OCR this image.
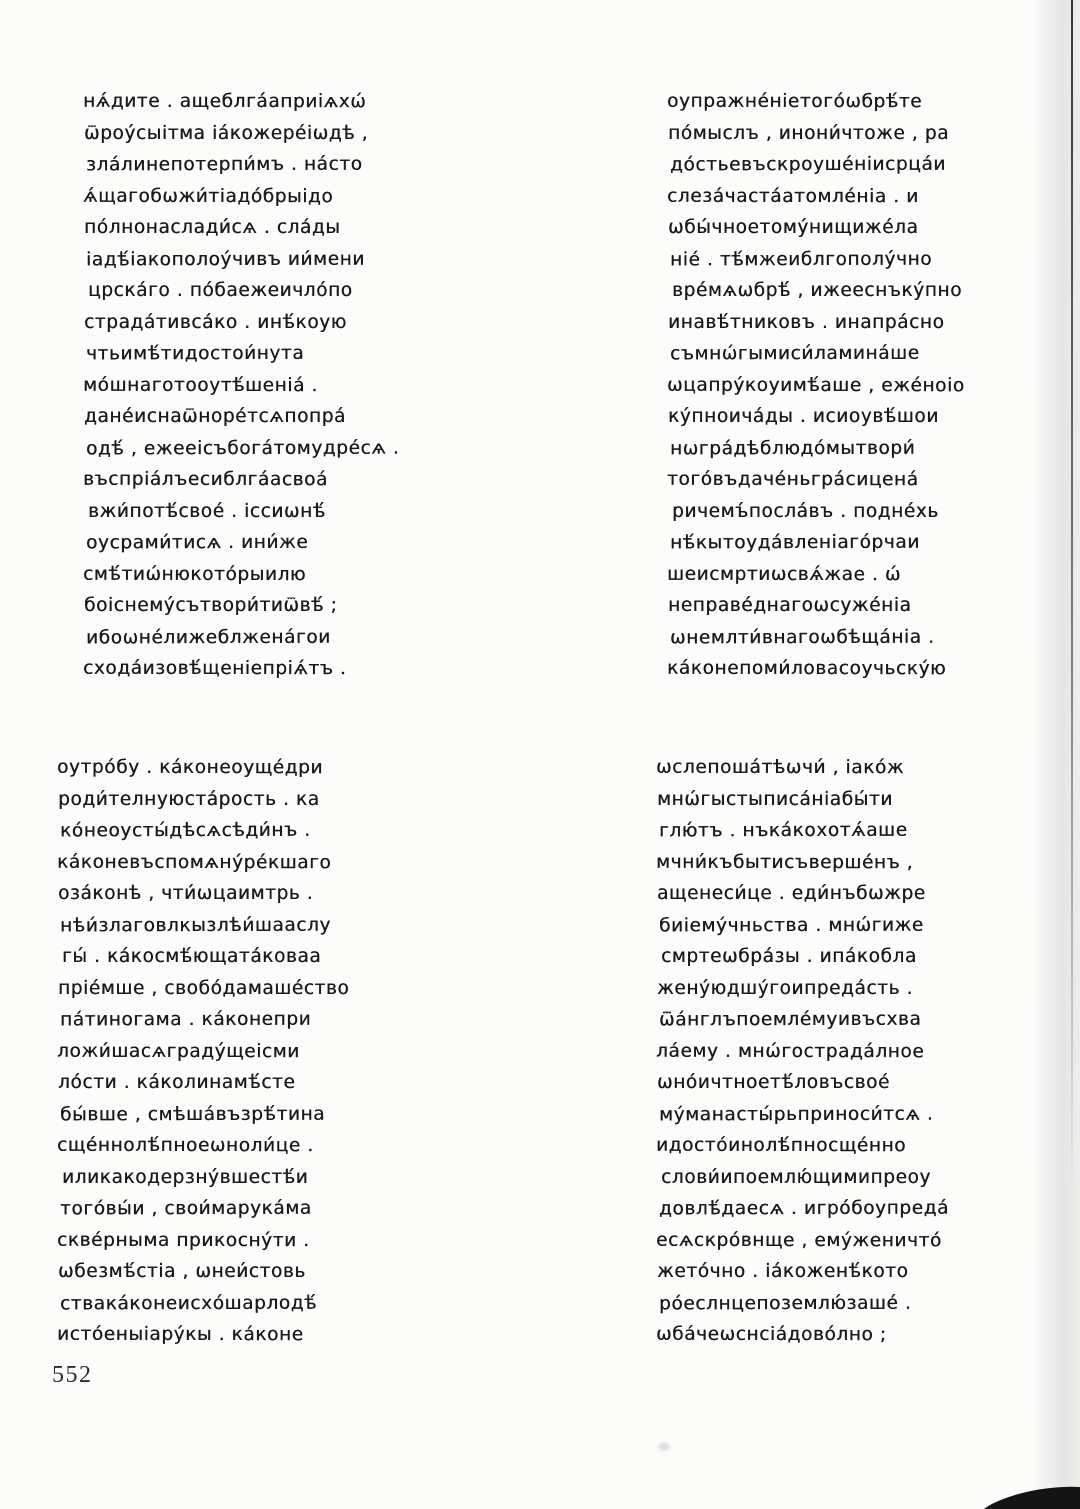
нѧ́дите . ащеблга́априіѧхѡ́
ѿроу́сыітма іа́кожере́іѡдѣ ,
зла́линепотерпи́мъ . на́сто
ѧ́щагобѡжи́тіадо́брыідо
по́лнонаслади́сѧ . сла́ды
іадѣ́іакополоу́чивъ ии́мени
црска́го . по́баежеичло́по
страда́тивса́ко . инѣ́коую
чтьимѣ́тидостои́нута
мо́шнаготооутѣ́шеніа́ .
дане́иснаѿноре́тсѧпопра́
одѣ́ , ежееісъбога́томудре́сѧ .
въспріа́лъесиблга́асвоа́
вжи́потѣ́свое́ . іссиѡнѣ́
оусрами́тисѧ . ини́же
смѣ́тиѡ́нюкото́рыилю
боіснему́сътвори́тиѿвѣ́ ;
ибоѡне́лижеблжена́гои
схода́изовѣ́щеніепріѧ́тъ .
оупражне́ніетого́ѡбрѣ́те
по́мыслъ , инони́чтоже , ра
до́стьевъскроуше́ніисрца́и
слеза́часта́атомле́ніа . и
ѡбы́чноетому́нищиже́ла
ніе́ . тѣ́мжеиблгополу́чно
вре́мѧѡбрѣ́ , ижееснъку́пно
инавѣ́тниковъ . инапра́сно
съмнѡ́гымиси́ламина́ше
ѡцапру́коуимѣ́аше , еже́ноіо
ку́пноича́ды . исиоувѣ́шои
нѡгра́дѣблюдо́мытвори́
того́въдаче́ньгра́сицена́
ричемъ́посла́въ . подне́хь
нѣ́кытоуда́вленіаго́рчаи
шеисмртиѡсвѧ́жае . ѡ́
неправе́днагоѡсуже́ніа
ѡнемлти́внагоѡбѣща́ніа .
ка́конепоми́ловасоучьску́ю
оутро́бу . ка́конеоуще́дри
роди́телнуюста́рость . ка
ко́неоусты́дѣсѧсѣди́нъ .
ка́коневъспомѧну́ре́кшаго
оза́конѣ , чти́ѡцаимтрь .
нѣи́злаговлкызлѣи́шааслу
гы́ . ка́космѣ́ющата́коваа
пріе́мше , свобо́дамаше́ство
па́тиногама . ка́конепри
ложи́шасѧграду́щеісми
ло́сти . ка́колинамѣ́сте
бы́вше , смѣша́възрѣ́тина
сще́ннолѣ́пноеѡноли́це .
иликакодерзну́вшестѣ́и
того́вы́и , свои́марука́ма
скве́рныма прикосну́ти .
ѡбезмѣ́стіа , ѡнеи́стовь
ствака́конеисхо́шарлодѣ́
исто́еныіару́кы . ка́коне
ѡслепоша́тѣѡчи́ , іако́ж
мнѡ́гыстыписа́ніабы́ти
глю́тъ . нъка́кохотѧ́аше
мчни́къбытисъверше́нъ ,
ащенеси́це . еди́нъбѡжре
биіему́чньства . мнѡ́гиже
смртеѡбра́зы . ипа́кобла
жену́юдшу́гоипреда́сть .
ѿа́нглъпоемле́муивъсхва
ла́ему . мнѡ́гострада́лное
ѡно́ичтноетѣ́ловъсвое́
му́манасты́рьприноси́тсѧ .
идосто́инолѣ́пносще́нно
слови́ипоемлю́щимипреоу
довлѣ́даесѧ . игро́боупреда́
есѧскро́внще , ему́женичто́
жето́чно . іа́коженѣ́кото
ро́еслнцепоземлю́заше́ .
ѡба́чеѡснсіа́дово́лно ;
552
